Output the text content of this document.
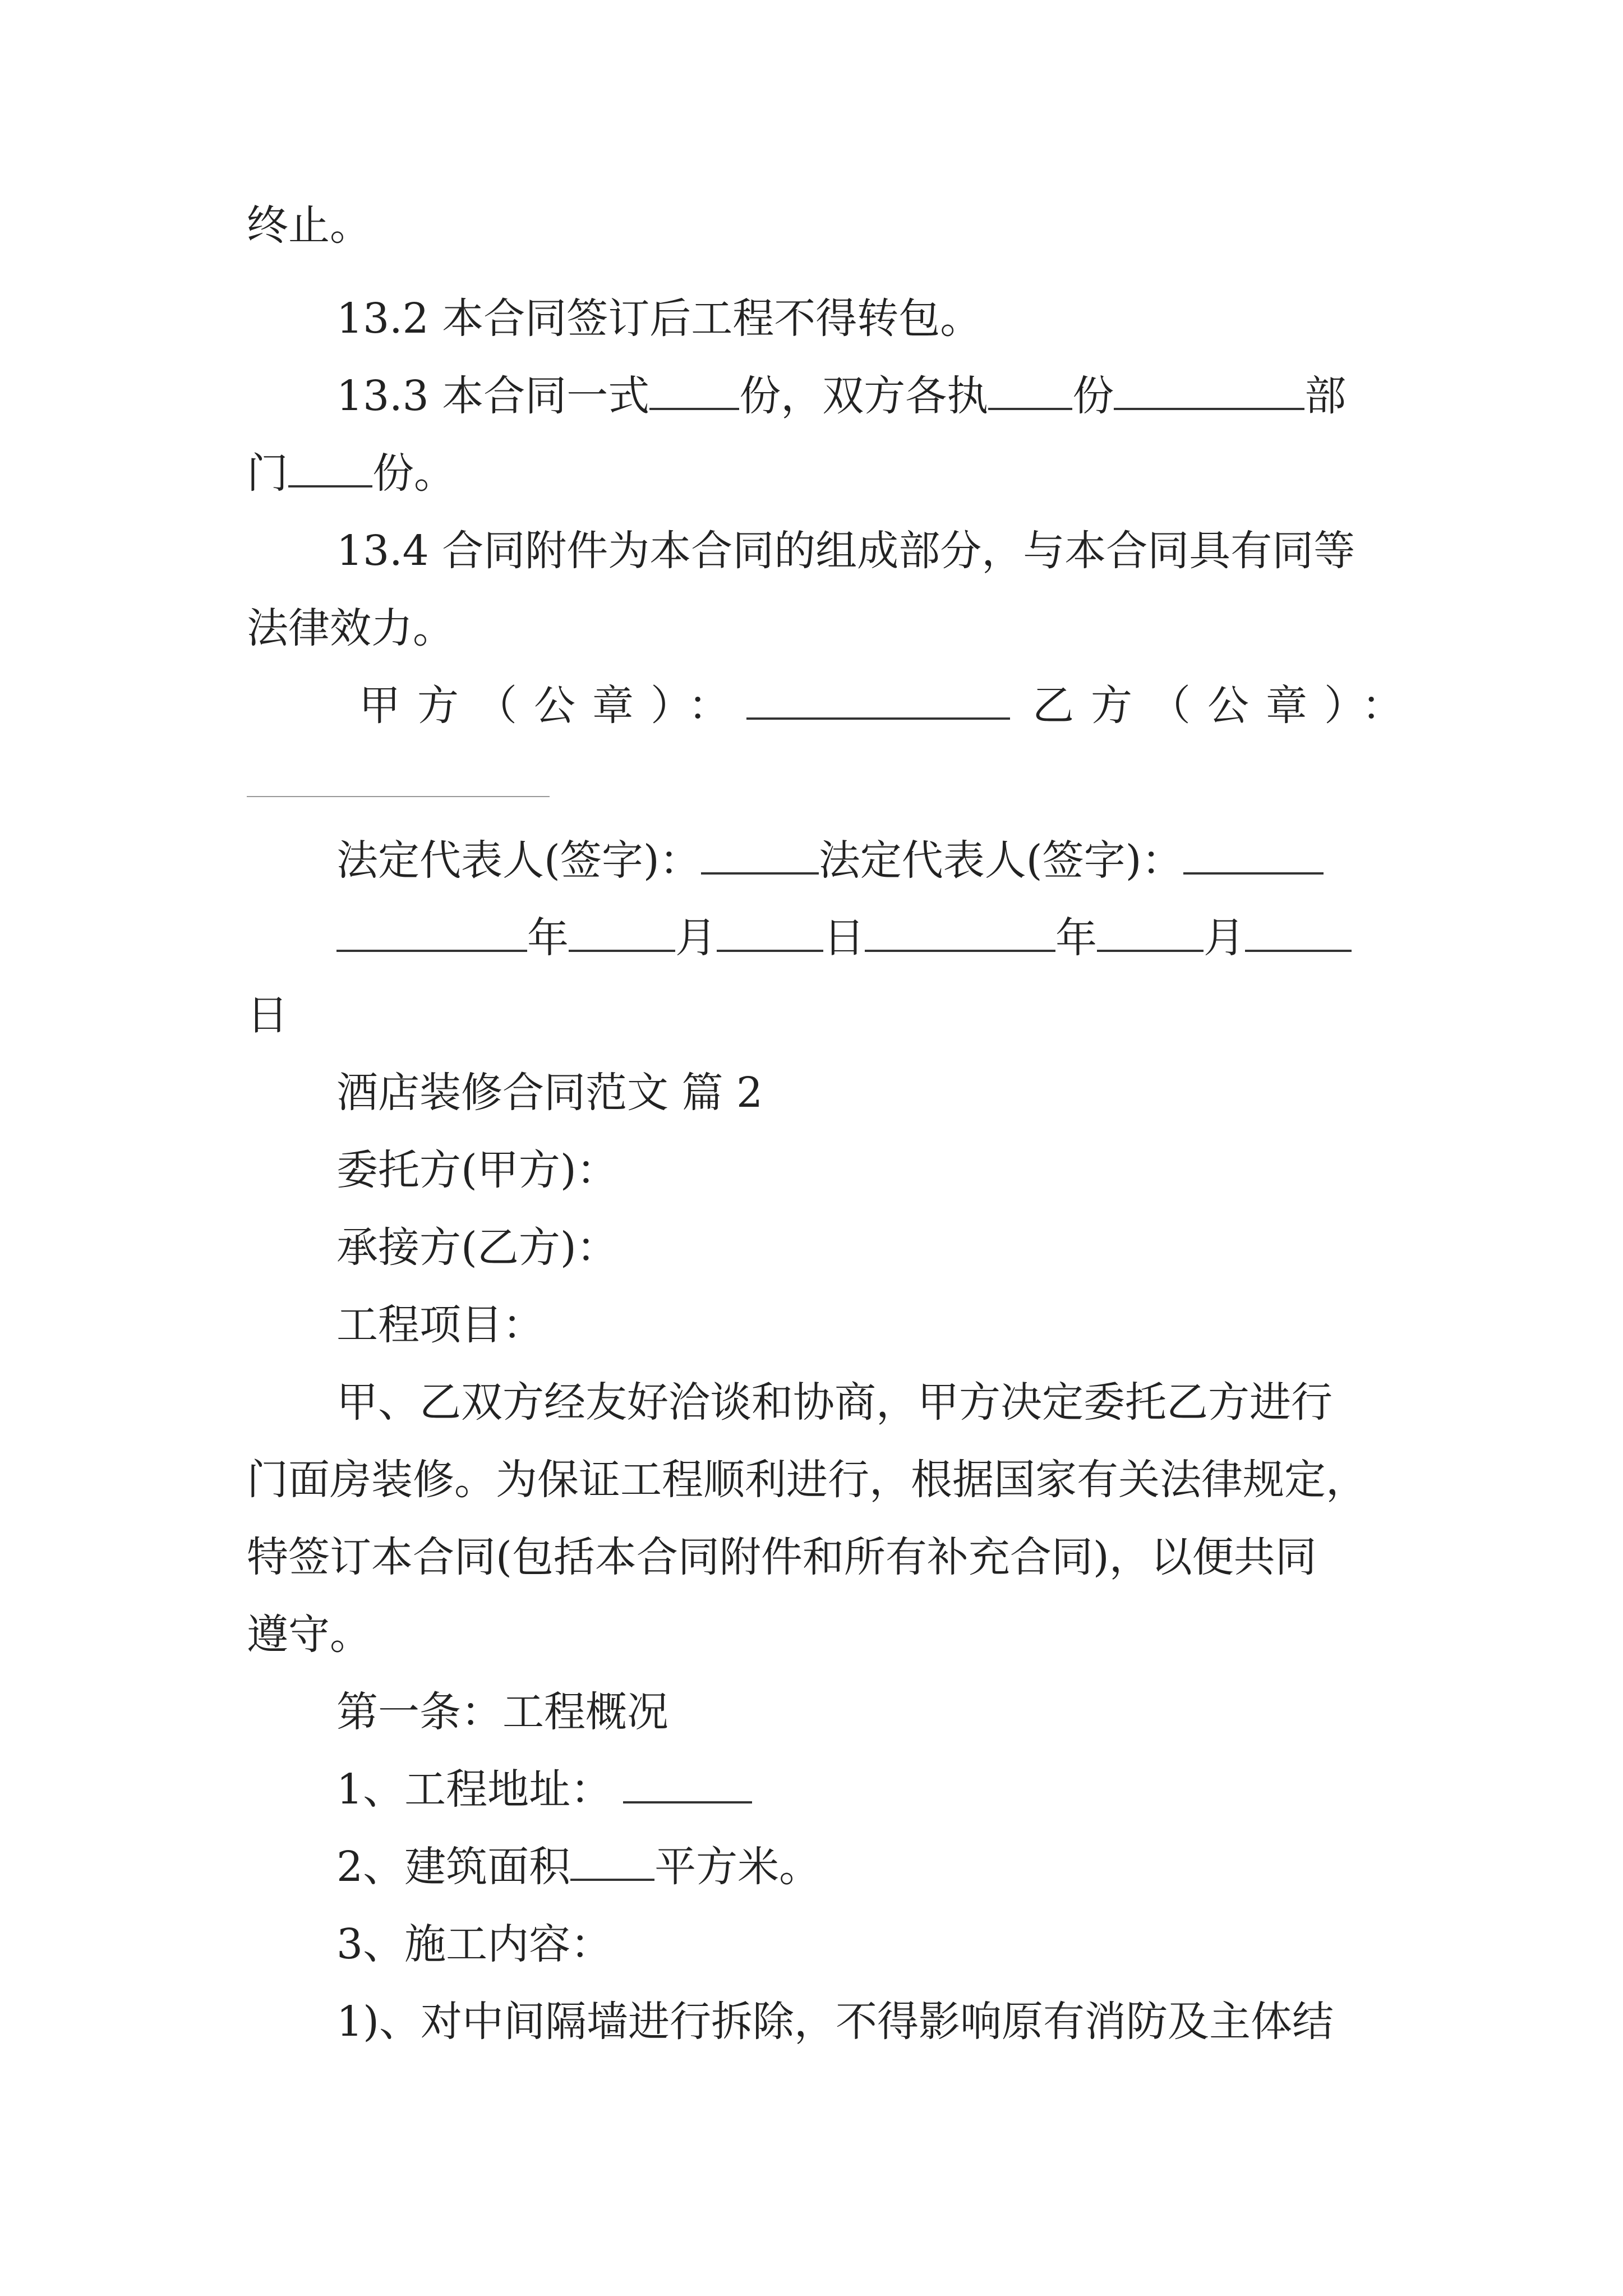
终止。
13.2 本合同签订后工程不得转包。
13.3 本合同一式 份，双方各执 份	部
门 份。
13.4 合同附件为本合同的组成部分，与本合同具有同等
法律效力。
甲方（公章）：	乙方（公章）：
法定代表人(签字)：	法定代表人(签字)：
年	月	日	年	月
日
酒店装修合同范文 篇 2
委托方(甲方)：
承接方(乙方)：
工程项目：
甲、乙双方经友好洽谈和协商，甲方决定委托乙方进行
门面房装修。为保证工程顺利进行，根据国家有关法律规定，
特签订本合同(包括本合同附件和所有补充合同)，以便共同
遵守。
第一条：工程概况
1、工程地址：
2、建筑面积 平方米。
3、施工内容：
1)、对中间隔墙进行拆除，不得影响原有消防及主体结
